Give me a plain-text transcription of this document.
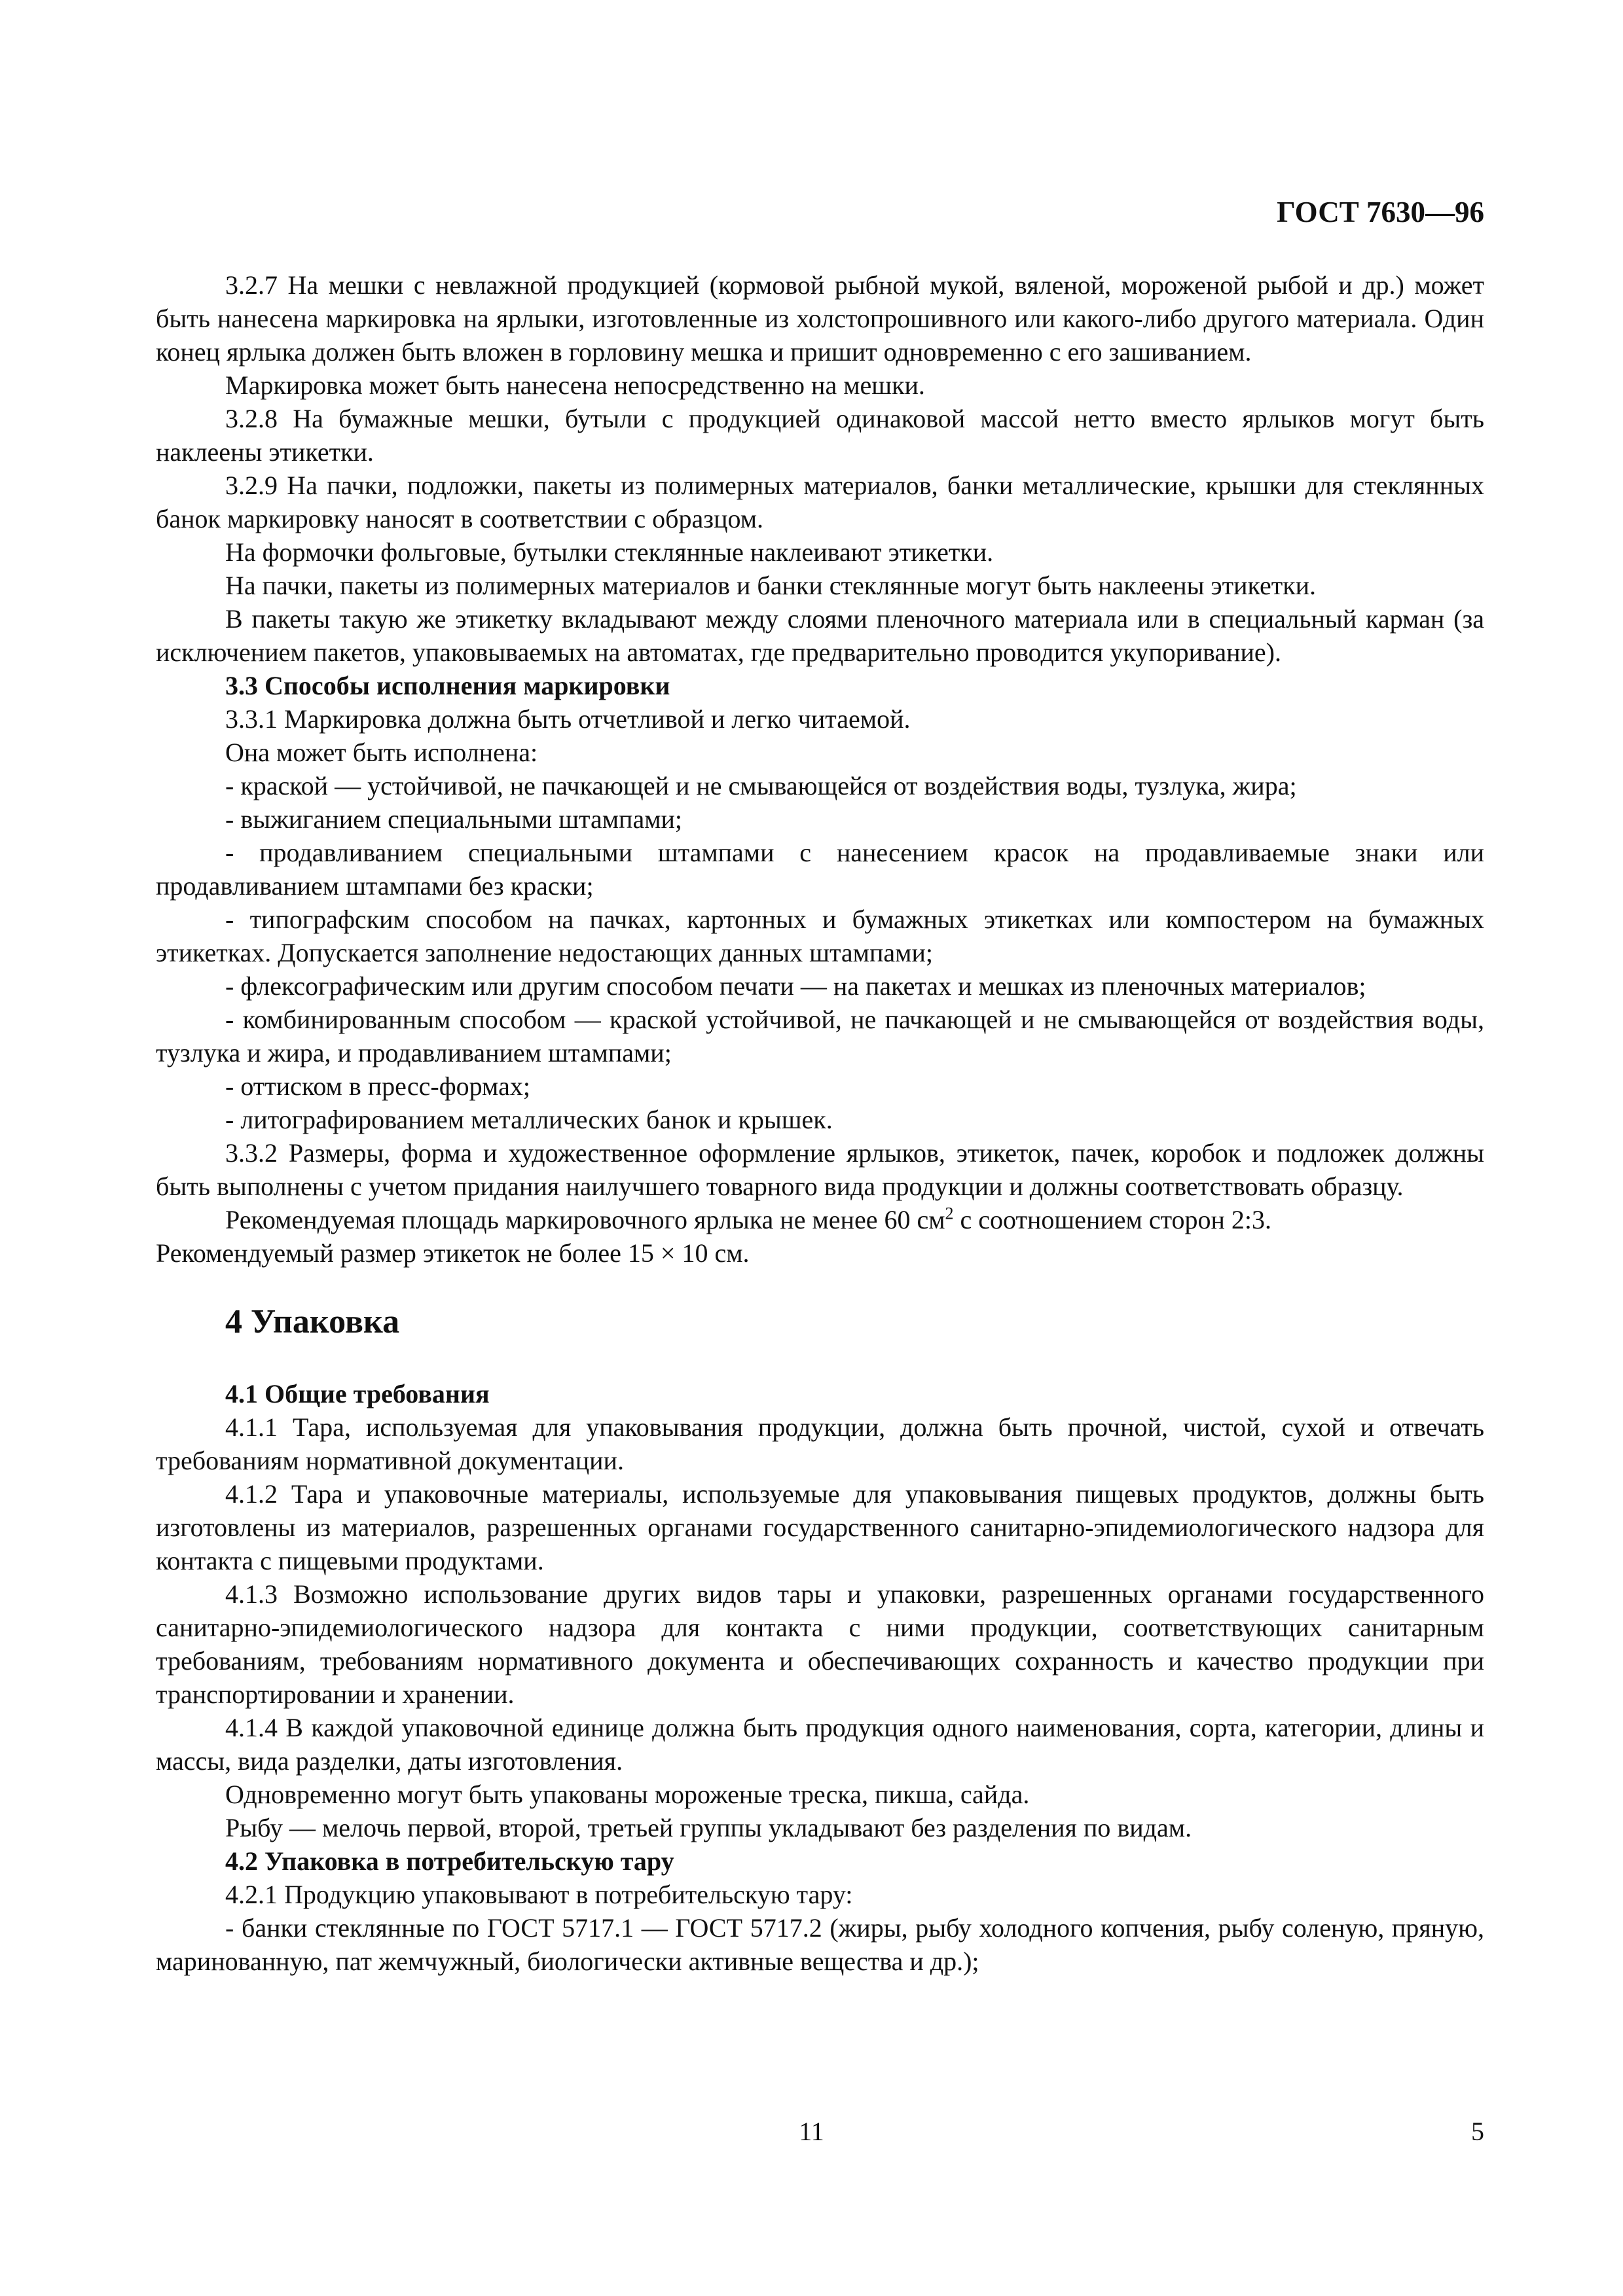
ГОСТ 7630—96

3.2.7 На мешки с невлажной продукцией (кормовой рыбной мукой, вяленой, мороженой рыбой и др.) может быть нанесена маркировка на ярлыки, изготовленные из холстопрошивного или какого-либо другого материала. Один конец ярлыка должен быть вложен в горловину мешка и пришит одновременно с его зашиванием.

Маркировка может быть нанесена непосредственно на мешки.

3.2.8 На бумажные мешки, бутыли с продукцией одинаковой массой нетто вместо ярлыков могут быть наклеены этикетки.

3.2.9 На пачки, подложки, пакеты из полимерных материалов, банки металлические, крышки для стеклянных банок маркировку наносят в соответствии с образцом.

На формочки фольговые, бутылки стеклянные наклеивают этикетки.

На пачки, пакеты из полимерных материалов и банки стеклянные могут быть наклеены этикетки.

В пакеты такую же этикетку вкладывают между слоями пленочного материала или в специальный карман (за исключением пакетов, упаковываемых на автоматах, где предварительно проводится укупоривание).

3.3 Способы исполнения маркировки

3.3.1 Маркировка должна быть отчетливой и легко читаемой.

Она может быть исполнена:

- краской — устойчивой, не пачкающей и не смывающейся от воздействия воды, тузлука, жира;

- выжиганием специальными штампами;

- продавливанием специальными штампами с нанесением красок на продавливаемые знаки или продавливанием штампами без краски;

- типографским способом на пачках, картонных и бумажных этикетках или компостером на бумажных этикетках. Допускается заполнение недостающих данных штампами;

- флексографическим или другим способом печати — на пакетах и мешках из пленочных материалов;

- комбинированным способом — краской устойчивой, не пачкающей и не смывающейся от воздействия воды, тузлука и жира, и продавливанием штампами;

- оттиском в пресс-формах;

- литографированием металлических банок и крышек.

3.3.2 Размеры, форма и художественное оформление ярлыков, этикеток, пачек, коробок и подложек должны быть выполнены с учетом придания наилучшего товарного вида продукции и должны соответствовать образцу.

Рекомендуемая площадь маркировочного ярлыка не менее 60 $см^2$ с соотношением сторон 2:3.

Рекомендуемый размер этикеток не более 15 × 10 см.

4 Упаковка

4.1 Общие требования

4.1.1 Тара, используемая для упаковывания продукции, должна быть прочной, чистой, сухой и отвечать требованиям нормативной документации.

4.1.2 Тара и упаковочные материалы, используемые для упаковывания пищевых продуктов, должны быть изготовлены из материалов, разрешенных органами государственного санитарно-эпидемиологического надзора для контакта с пищевыми продуктами.

4.1.3 Возможно использование других видов тары и упаковки, разрешенных органами государственного санитарно-эпидемиологического надзора для контакта с ними продукции, соответствующих санитарным требованиям, требованиям нормативного документа и обеспечивающих сохранность и качество продукции при транспортировании и хранении.

4.1.4 В каждой упаковочной единице должна быть продукция одного наименования, сорта, категории, длины и массы, вида разделки, даты изготовления.

Одновременно могут быть упакованы мороженые треска, пикша, сайда.

Рыбу — мелочь первой, второй, третьей группы укладывают без разделения по видам.

4.2 Упаковка в потребительскую тару

4.2.1 Продукцию упаковывают в потребительскую тару:

- банки стеклянные по ГОСТ 5717.1 — ГОСТ 5717.2 (жиры, рыбу холодного копчения, рыбу соленую, пряную, маринованную, пат жемчужный, биологически активные вещества и др.);

11	5
